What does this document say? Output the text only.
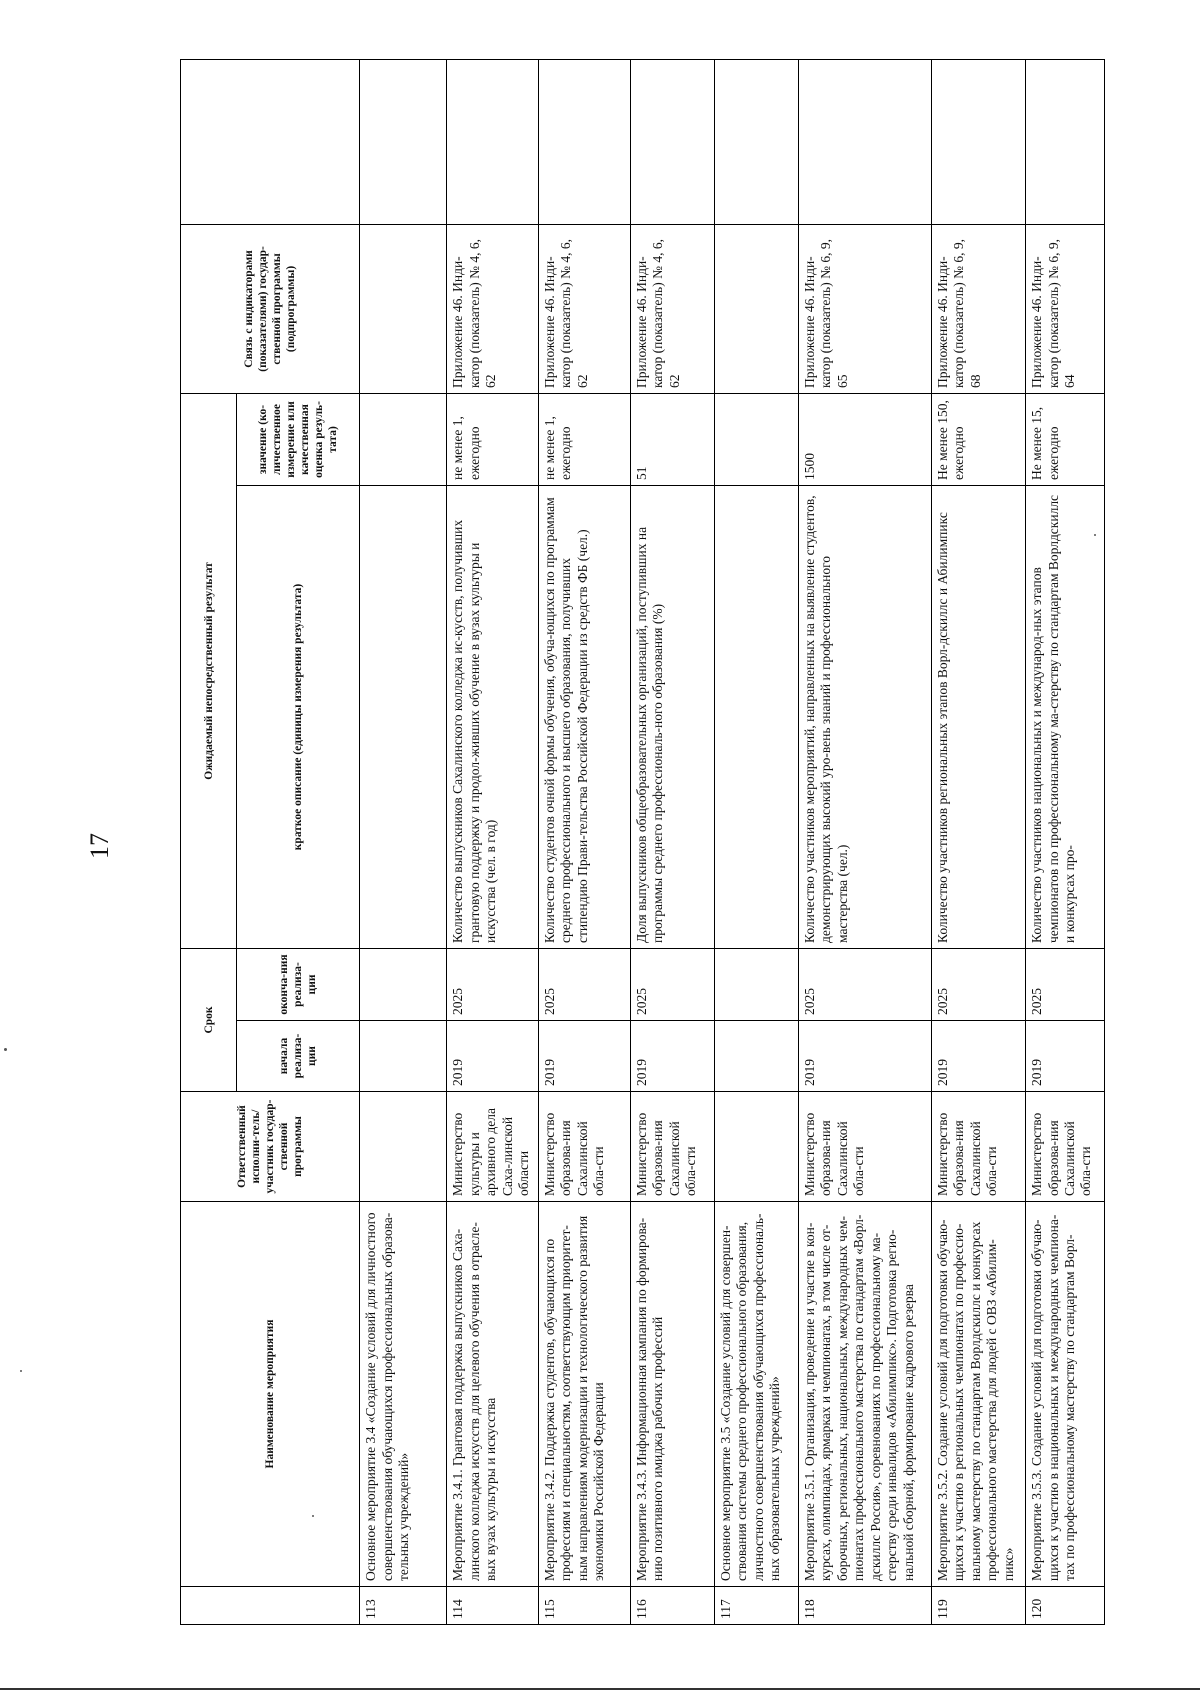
17
	Наименование мероприятия	Ответственный исполни-тель/участник государ-ственной программы	Срок		Ожидаемый непосредственный результат		Связь с индикаторами (показателями) государ-ственной программы (подпрограммы)	
			начала реализа-ции	оконча-ния реализа-ции	краткое описание (единицы измерения результата)	значение (ко-личественное измерение или качественная оценка резуль-тата)		
113	Основное мероприятие 3.4 «Создание условий для личностного совершенствования обучающихся профессиональных образова-тельных учреждений»							
114	Мероприятие 3.4.1. Грантовая поддержка выпускников Саха-линского колледжа искусств для целевого обучения в отрасле-вых вузах культуры и искусства	Министерство культуры и архивного дела Саха-линской области	2019	2025	Количество выпускников Сахалинского колледжа ис-кусств, получивших грантовую поддержку и продол-живших обучение в вузах культуры и искусства (чел. в год)	не менее 1, ежегодно	Приложение 46. Инди-катор (показатель) № 4, 6, 62	
115	Мероприятие 3.4.2. Поддержка студентов, обучающихся по профессиям и специальностям, соответствующим приоритет-ным направлениям модернизации и технологического развития экономики Российской Федерации	Министерство образова-ния Сахалинской обла-сти	2019	2025	Количество студентов очной формы обучения, обуча-ющихся по программам среднего профессионального и высшего образования, получивших стипендию Прави-тельства Российской Федерации из средств ФБ (чел.)	не менее 1, ежегодно	Приложение 46. Инди-катор (показатель) № 4, 6, 62	
116	Мероприятие 3.4.3. Информационная кампания по формирова-нию позитивного имиджа рабочих профессий	Министерство образова-ния Сахалинской обла-сти	2019	2025	Доля выпускников общеобразовательных организаций, поступивших на программы среднего профессиональ-ного образования (%)	51	Приложение 46. Инди-катор (показатель) № 4, 6, 62	
117	Основное мероприятие 3.5 «Создание условий для совершен-ствования системы среднего профессионального образования, личностного совершенствования обучающихся профессиональ-ных образовательных учреждений»							
118	Мероприятие 3.5.1. Организация, проведение и участие в кон-курсах, олимпиадах, ярмарках и чемпионатах, в том числе от-борочных, региональных, национальных, международных чем-пионатах профессионального мастерства по стандартам «Ворл-дскиллс Россия», соревнованиях по профессиональному ма-стерству среди инвалидов «Абилимпикс». Подготовка регио-нальной сборной, формирование кадрового резерва	Министерство образова-ния Сахалинской обла-сти	2019	2025	Количество участников мероприятий, направленных на выявление студентов, демонстрирующих высокий уро-вень знаний и профессионального мастерства (чел.)	1500	Приложение 46. Инди-катор (показатель) № 6, 9, 65	
119	Мероприятие 3.5.2. Создание условий для подготовки обучаю-щихся к участию в региональных чемпионатах по профессио-нальному мастерству по стандартам Ворлдскиллс и конкурсах профессионального мастерства для людей с ОВЗ «Абилим-пикс»	Министерство образова-ния Сахалинской обла-сти	2019	2025	Количество участников региональных этапов Ворл-дскиллс и Абилимпикс	Не менее 150, ежегодно	Приложение 46. Инди-катор (показатель) № 6, 9, 68	
120	Мероприятие 3.5.3. Создание условий для подготовки обучаю-щихся к участию в национальных и международных чемпиона-тах по профессиональному мастерству по стандартам Ворл-	Министерство образова-ния Сахалинской обла-сти	2019	2025	Количество участников национальных и международ-ных этапов чемпионатов по профессиональному ма-стерству по стандартам Ворлдскиллс и конкурсах про-	Не менее 15, ежегодно	Приложение 46. Инди-катор (показатель) № 6, 9, 64	
